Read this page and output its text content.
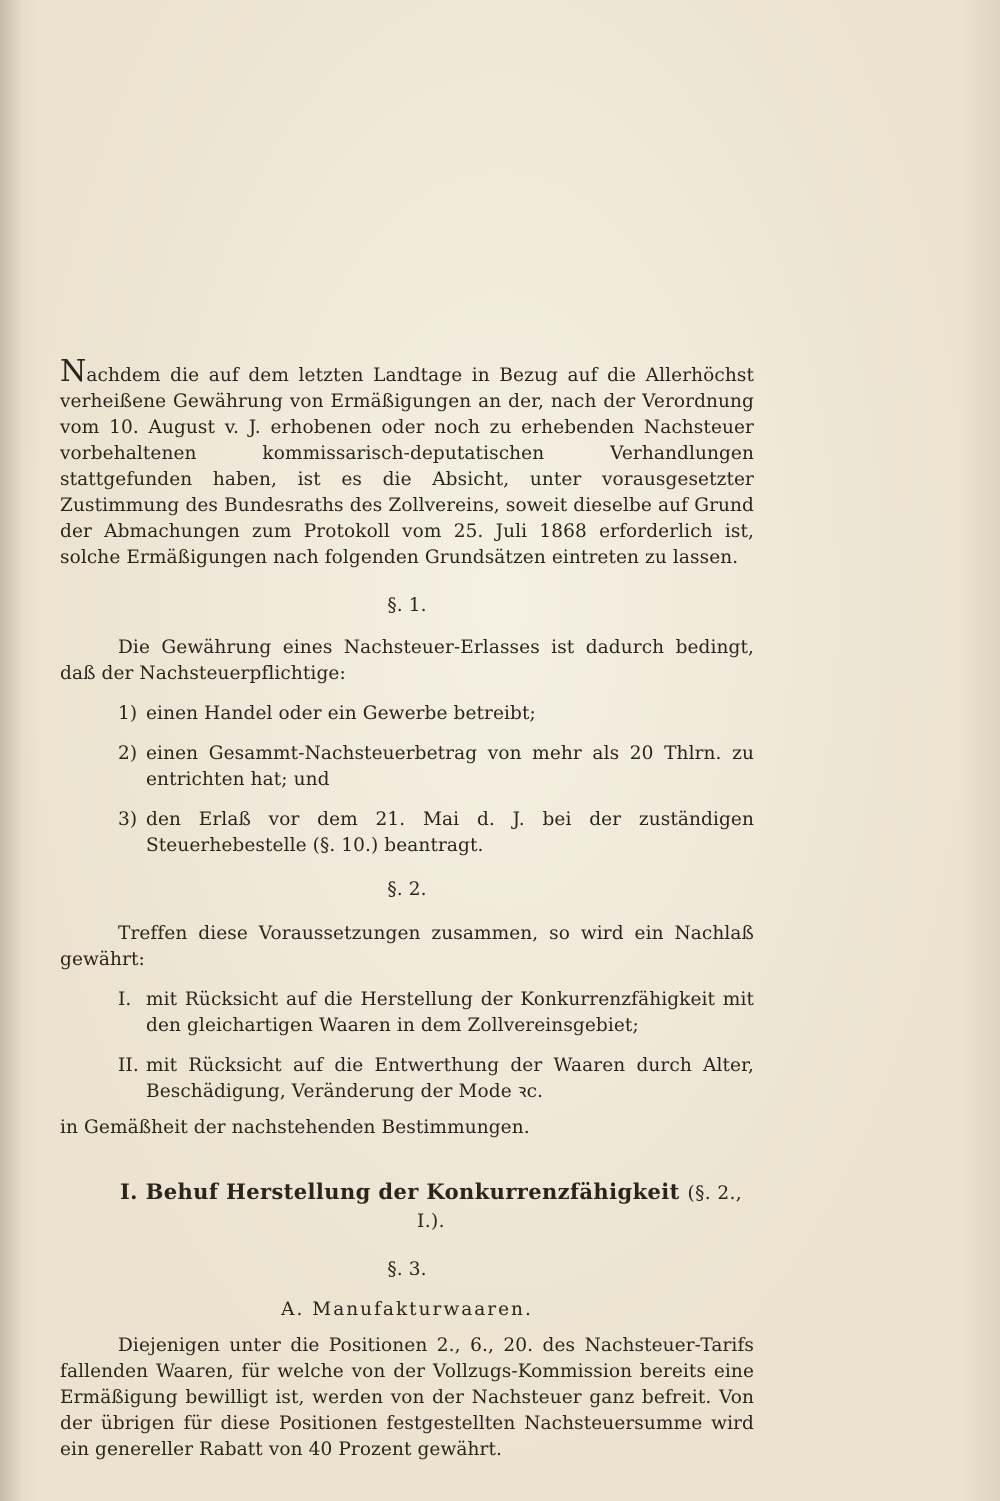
Nachdem die auf dem letzten Landtage in Bezug auf die Allerhöchst verheißene Gewährung von Ermäßigungen an der, nach der Verordnung vom 10. August v. J. erhobenen oder noch zu erhebenden Nachsteuer vorbehaltenen kommissarisch-deputatischen Verhandlungen stattgefunden haben, ist es die Absicht, unter vorausgesetzter Zustimmung des Bundesraths des Zollvereins, soweit dieselbe auf Grund der Abmachungen zum Protokoll vom 25. Juli 1868 erforderlich ist, solche Ermäßigungen nach folgenden Grundsätzen eintreten zu lassen.

§. 1.

Die Gewährung eines Nachsteuer-Erlasses ist dadurch bedingt, daß der Nachsteuerpflichtige:

1) einen Handel oder ein Gewerbe betreibt;

2) einen Gesammt-Nachsteuerbetrag von mehr als 20 Thlrn. zu entrichten hat; und

3) den Erlaß vor dem 21. Mai d. J. bei der zuständigen Steuerhebestelle (§. 10.) beantragt.

§. 2.

Treffen diese Voraussetzungen zusammen, so wird ein Nachlaß gewährt:

I. mit Rücksicht auf die Herstellung der Konkurrenzfähigkeit mit den gleichartigen Waaren in dem Zollvereinsgebiet;

II. mit Rücksicht auf die Entwerthung der Waaren durch Alter, Beschädigung, Veränderung der Mode ꝛc.

in Gemäßheit der nachstehenden Bestimmungen.

I. Behuf Herstellung der Konkurrenzfähigkeit (§. 2., I.).

§. 3.

A. Manufakturwaaren.

Diejenigen unter die Positionen 2., 6., 20. des Nachsteuer-Tarifs fallenden Waaren, für welche von der Vollzugs-Kommission bereits eine Ermäßigung bewilligt ist, werden von der Nachsteuer ganz befreit. Von der übrigen für diese Positionen festgestellten Nachsteuersumme wird ein genereller Rabatt von 40 Prozent gewährt.
